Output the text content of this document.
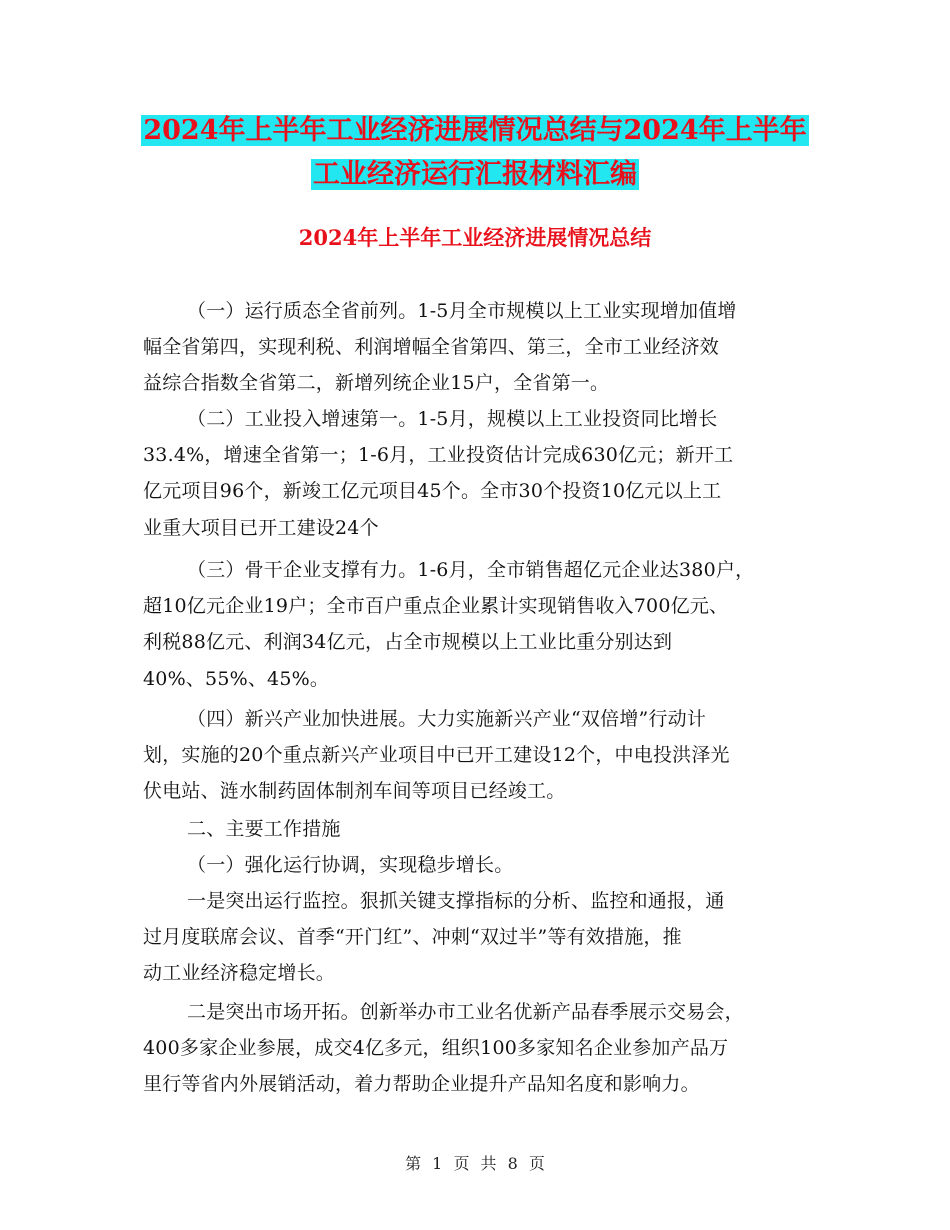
2024年上半年工业经济进展情况总结与2024年上半年
工业经济运行汇报材料汇编
2024年上半年工业经济进展情况总结
（一）运行质态全省前列。1-5月全市规模以上工业实现增加值增
幅全省第四，实现利税、利润增幅全省第四、第三，全市工业经济效
益综合指数全省第二，新增列统企业15户，全省第一。
（二）工业投入增速第一。1-5月，规模以上工业投资同比增长
33.4%，增速全省第一；1-6月，工业投资估计完成630亿元；新开工
亿元项目96个，新竣工亿元项目45个。全市30个投资10亿元以上工
业重大项目已开工建设24个
（三）骨干企业支撑有力。1-6月，全市销售超亿元企业达380户，
超10亿元企业19户；全市百户重点企业累计实现销售收入700亿元、
利税88亿元、利润34亿元，占全市规模以上工业比重分别达到
40%、55%、45%。
（四）新兴产业加快进展。大力实施新兴产业“双倍增”行动计
划，实施的20个重点新兴产业项目中已开工建设12个，中电投洪泽光
伏电站、涟水制药固体制剂车间等项目已经竣工。
二、主要工作措施
（一）强化运行协调，实现稳步增长。
一是突出运行监控。狠抓关键支撑指标的分析、监控和通报，通
过月度联席会议、首季“开门红”、冲刺“双过半”等有效措施，推
动工业经济稳定增长。
二是突出市场开拓。创新举办市工业名优新产品春季展示交易会，
400多家企业参展，成交4亿多元，组织100多家知名企业参加产品万
里行等省内外展销活动，着力帮助企业提升产品知名度和影响力。
第 1 页 共 8 页
